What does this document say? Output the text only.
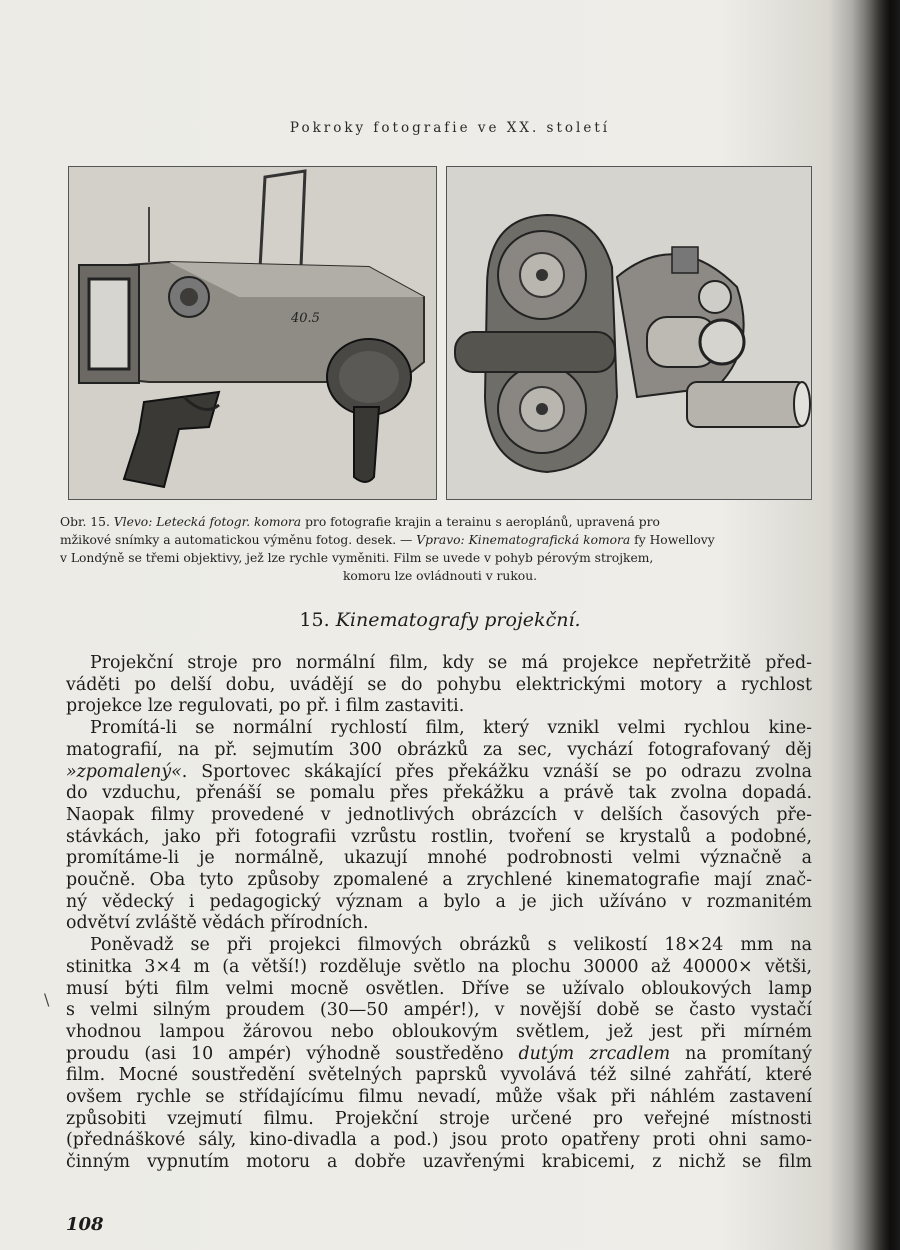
Pokroky fotografie ve XX. století
40.5

Obr. 15. Vlevo: Letecká fotogr. komora pro fotografie krajin a terainu s aeroplánů, upravená pro

mžikové snímky a automatickou výměnu fotog. desek. — Vpravo: Kinematografická komora fy Howellovy

v Londýně se třemi objektivy, jež lze rychle vyměniti. Film se uvede v pohyb pérovým strojkem,

komoru lze ovládnouti v rukou.

15. Kinematografy projekční.
Projekční stroje pro normální film, kdy se má projekce nepřetržitě před-
váděti po delší dobu, uvádějí se do pohybu elektrickými motory a rychlost
projekce lze regulovati, po př. i film zastaviti.
Promítá-li se normální rychlostí film, který vznikl velmi rychlou kine-
matografií, na př. sejmutím 300 obrázků za sec, vychází fotografovaný děj
»zpomalený«. Sportovec skákající přes překážku vznáší se po odrazu zvolna
do vzduchu, přenáší se pomalu přes překážku a právě tak zvolna dopadá.
Naopak filmy provedené v jednotlivých obrázcích v delších časových pře-
stávkách, jako při fotografii vzrůstu rostlin, tvoření se krystalů a podobné,
promítáme-li je normálně, ukazují mnohé podrobnosti velmi význačně a
poučně. Oba tyto způsoby zpomalené a zrychlené kinematografie mají znač-
ný vědecký i pedagogický význam a bylo a je jich užíváno v rozmanitém
odvětví zvláště vědách přírodních.
Poněvadž se při projekci filmových obrázků s velikostí 18×24 mm na
stinitka 3×4 m (a větší!) rozděluje světlo na plochu 30000 až 40000× větši,
musí býti film velmi mocně osvětlen. Dříve se užívalo obloukových lamp
s velmi silným proudem (30—50 ampér!), v novější době se často vystačí
vhodnou lampou žárovou nebo obloukovým světlem, jež jest při mírném
proudu (asi 10 ampér) výhodně soustředěno dutým zrcadlem na promítaný
film. Mocné soustředění světelných paprsků vyvolává též silné zahřátí, které
ovšem rychle se střídajícímu filmu nevadí, může však při náhlém zastavení
způsobiti vzejmutí filmu. Projekční stroje určené pro veřejné místnosti
(přednáškové sály, kino-divadla a pod.) jsou proto opatřeny proti ohni samo-
činným vypnutím motoru a dobře uzavřenými krabicemi, z nichž se film
\
108
